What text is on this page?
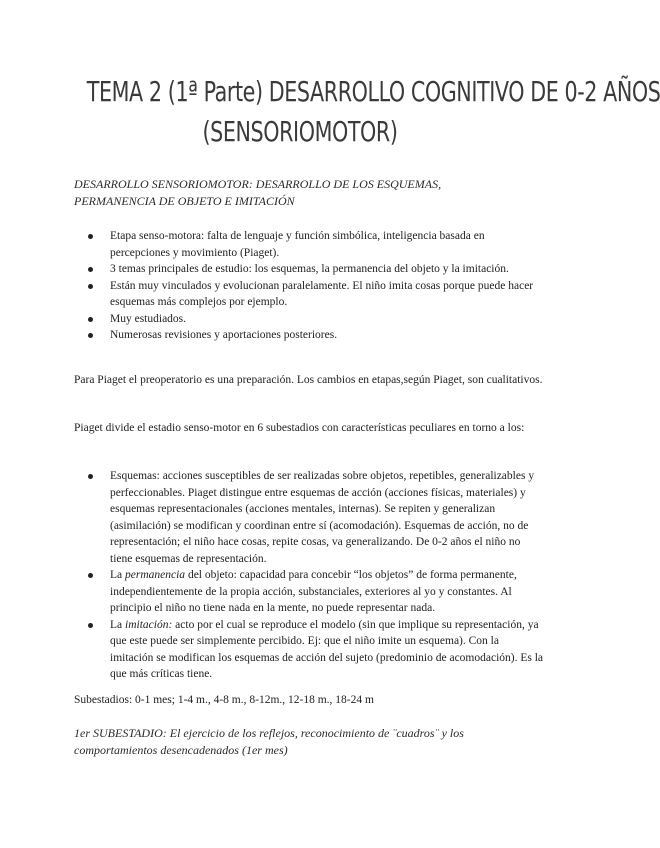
TEMA 2 (1ª Parte) DESARROLLO COGNITIVO DE 0-2 AÑOS
(SENSORIOMOTOR)
DESARROLLO SENSORIOMOTOR: DESARROLLO DE LOS ESQUEMAS,
PERMANENCIA DE OBJETO E IMITACIÓN
Etapa senso-motora: falta de lenguaje y función simbólica, inteligencia basada en percepciones y movimiento (Piaget).
3 temas principales de estudio: los esquemas, la permanencia del objeto y la imitación.
Están muy vinculados y evolucionan paralelamente. El niño imita cosas porque puede hacer esquemas más complejos por ejemplo.
Muy estudiados.
Numerosas revisiones y aportaciones posteriores.

Para Piaget el preoperatorio es una preparación. Los cambios en etapas,según Piaget, son cualitativos.

Piaget divide el estadio senso-motor en 6 subestadios con características peculiares en torno a los:

Esquemas: acciones susceptibles de ser realizadas sobre objetos, repetibles, generalizables y perfeccionables. Piaget distingue entre esquemas de acción (acciones físicas, materiales) y esquemas representacionales (acciones mentales, internas). Se repiten y generalizan (asimilación) se modifican y coordinan entre sí (acomodación). Esquemas de acción, no de representación; el niño hace cosas, repite cosas, va generalizando. De 0-2 años el niño no tiene esquemas de representación.
La permanencia del objeto: capacidad para concebir “los objetos” de forma permanente, independientemente de la propia acción, substanciales, exteriores al yo y constantes. Al principio el niño no tiene nada en la mente, no puede representar nada.
La imitación: acto por el cual se reproduce el modelo (sin que implique su representación, ya que este puede ser simplemente percibido. Ej: que el niño imite un esquema). Con la imitación se modifican los esquemas de acción del sujeto (predominio de acomodación). Es la que más críticas tiene.

Subestadios: 0-1 mes; 1-4 m., 4-8 m., 8-12m., 12-18 m., 18-24 m

1er SUBESTADIO: El ejercicio de los reflejos, reconocimiento de ¨cuadros¨ y los
comportamientos desencadenados (1er mes)
